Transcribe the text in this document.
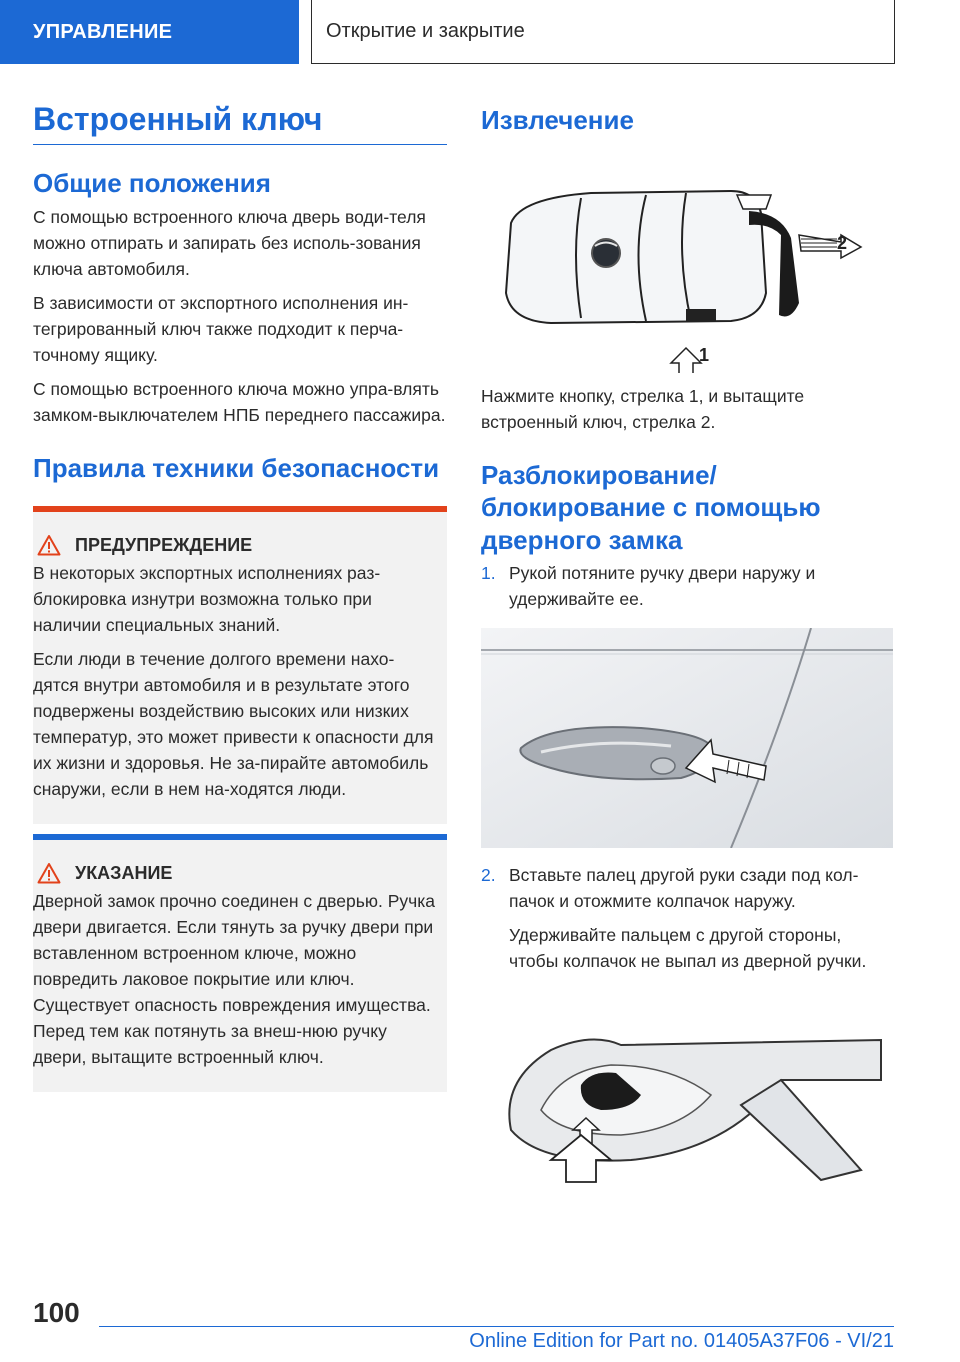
УПРАВЛЕНИЕ	Открытие и закрытие
Встроенный ключ
Общие положения

С помощью встроенного ключа дверь води-теля можно отпирать и запирать без исполь-зования ключа автомобиля.

В зависимости от экспортного исполнения ин-тегрированный ключ также подходит к перча-точному ящику.

С помощью встроенного ключа можно упра-влять замком-выключателем НПБ переднего пассажира.

Правила техники безопасности
ПРЕДУПРЕЖДЕНИЕ

В некоторых экспортных исполнениях раз-блокировка изнутри возможна только при наличии специальных знаний.

Если люди в течение долгого времени нахо-дятся внутри автомобиля и в результате этого подвержены воздействию высоких или низких температур, это может привести к опасности для их жизни и здоровья. Не за-пирайте автомобиль снаружи, если в нем на-ходятся люди.

УКАЗАНИЕ

Дверной замок прочно соединен с дверью. Ручка двери двигается. Если тянуть за ручку двери при вставленном встроенном ключе, можно повредить лаковое покрытие или ключ. Существует опасность повреждения имущества. Перед тем как потянуть за внеш-нюю ручку двери, вытащите встроенный ключ.

Извлечение
2
1

Нажмите кнопку, стрелка 1, и вытащите встроенный ключ, стрелка 2.

Разблокирование/
блокирование с помощью
дверного замка
1. Рукой потяните ручку двери наружу и удерживайте ее.
2. Вставьте палец другой руки сзади под кол-пачок и отожмите колпачок наружу.

Удерживайте пальцем с другой стороны, чтобы колпачок не выпал из дверной ручки.

100
Online Edition for Part no. 01405A37F06 - VI/21
